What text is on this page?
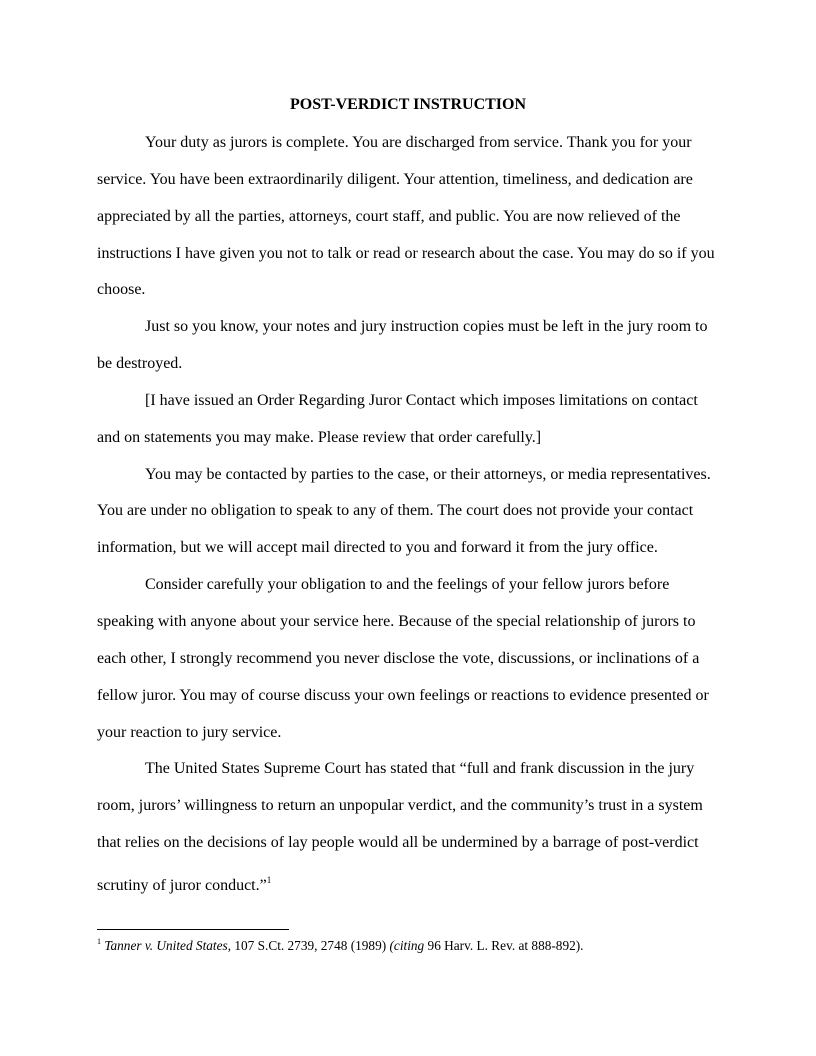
POST-VERDICT INSTRUCTION
Your duty as jurors is complete. You are discharged from service. Thank you for your
service. You have been extraordinarily diligent. Your attention, timeliness, and dedication are
appreciated by all the parties, attorneys, court staff, and public. You are now relieved of the
instructions I have given you not to talk or read or research about the case. You may do so if you
choose.
Just so you know, your notes and jury instruction copies must be left in the jury room to
be destroyed.
[I have issued an Order Regarding Juror Contact which imposes limitations on contact
and on statements you may make. Please review that order carefully.]
You may be contacted by parties to the case, or their attorneys, or media representatives.
You are under no obligation to speak to any of them. The court does not provide your contact
information, but we will accept mail directed to you and forward it from the jury office.
Consider carefully your obligation to and the feelings of your fellow jurors before
speaking with anyone about your service here. Because of the special relationship of jurors to
each other, I strongly recommend you never disclose the vote, discussions, or inclinations of a
fellow juror. You may of course discuss your own feelings or reactions to evidence presented or
your reaction to jury service.
The United States Supreme Court has stated that “full and frank discussion in the jury
room, jurors’ willingness to return an unpopular verdict, and the community’s trust in a system
that relies on the decisions of lay people would all be undermined by a barrage of post-verdict
scrutiny of juror conduct.”$^1$
$^1$ Tanner v. United States, 107 S.Ct. 2739, 2748 (1989) (citing 96 Harv. L. Rev. at 888-892).
